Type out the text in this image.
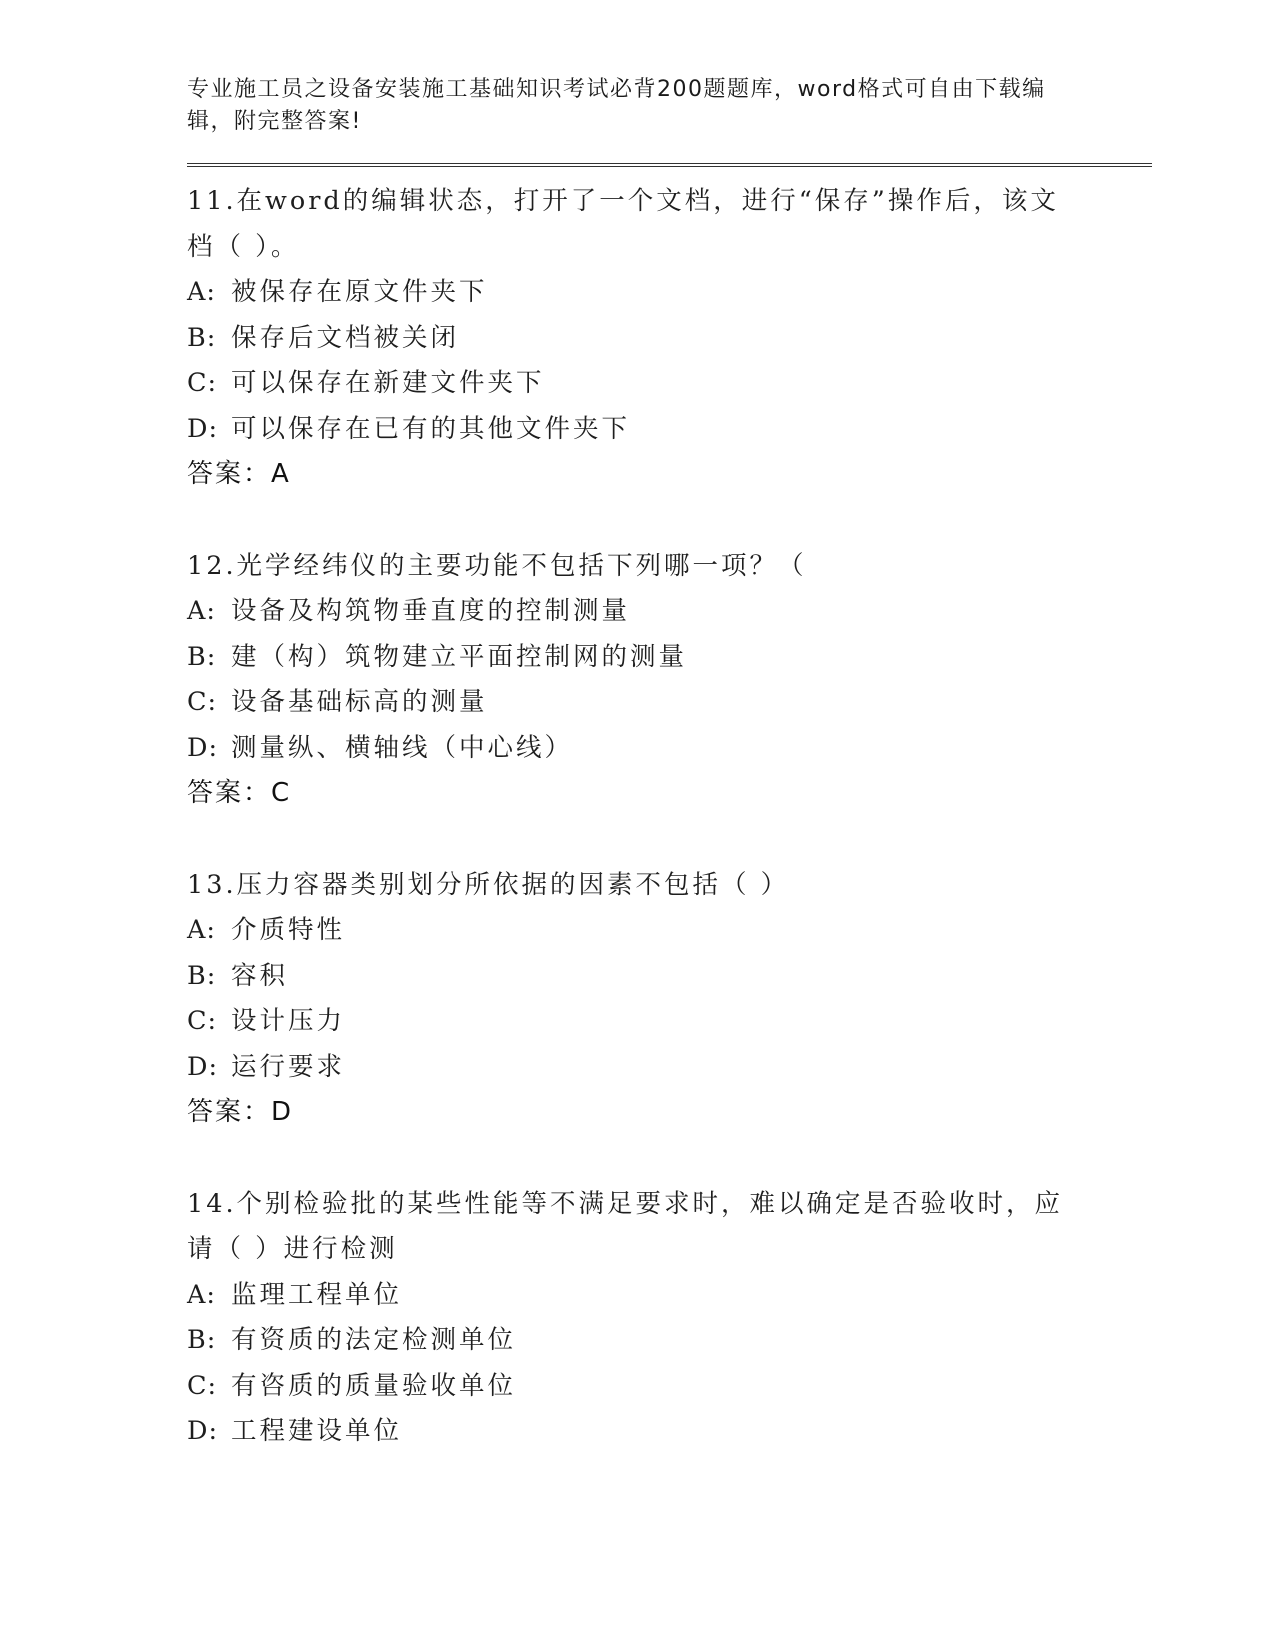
专业施工员之设备安装施工基础知识考试必背200题题库，word格式可自由下载编辑，附完整答案!
11.在word的编辑状态，打开了一个文档，进行“保存”操作后，该文档（ ）。
A: 被保存在原文件夹下
B: 保存后文档被关闭
C: 可以保存在新建文件夹下
D: 可以保存在已有的其他文件夹下
答案：A
12.光学经纬仪的主要功能不包括下列哪一项？（
A: 设备及构筑物垂直度的控制测量
B: 建（构）筑物建立平面控制网的测量
C: 设备基础标高的测量
D: 测量纵、横轴线（中心线）
答案：C
13.压力容器类别划分所依据的因素不包括（ ）
A: 介质特性
B: 容积
C: 设计压力
D: 运行要求
答案：D
14.个别检验批的某些性能等不满足要求时，难以确定是否验收时，应请（ ）进行检测
A: 监理工程单位
B: 有资质的法定检测单位
C: 有咨质的质量验收单位
D: 工程建设单位
